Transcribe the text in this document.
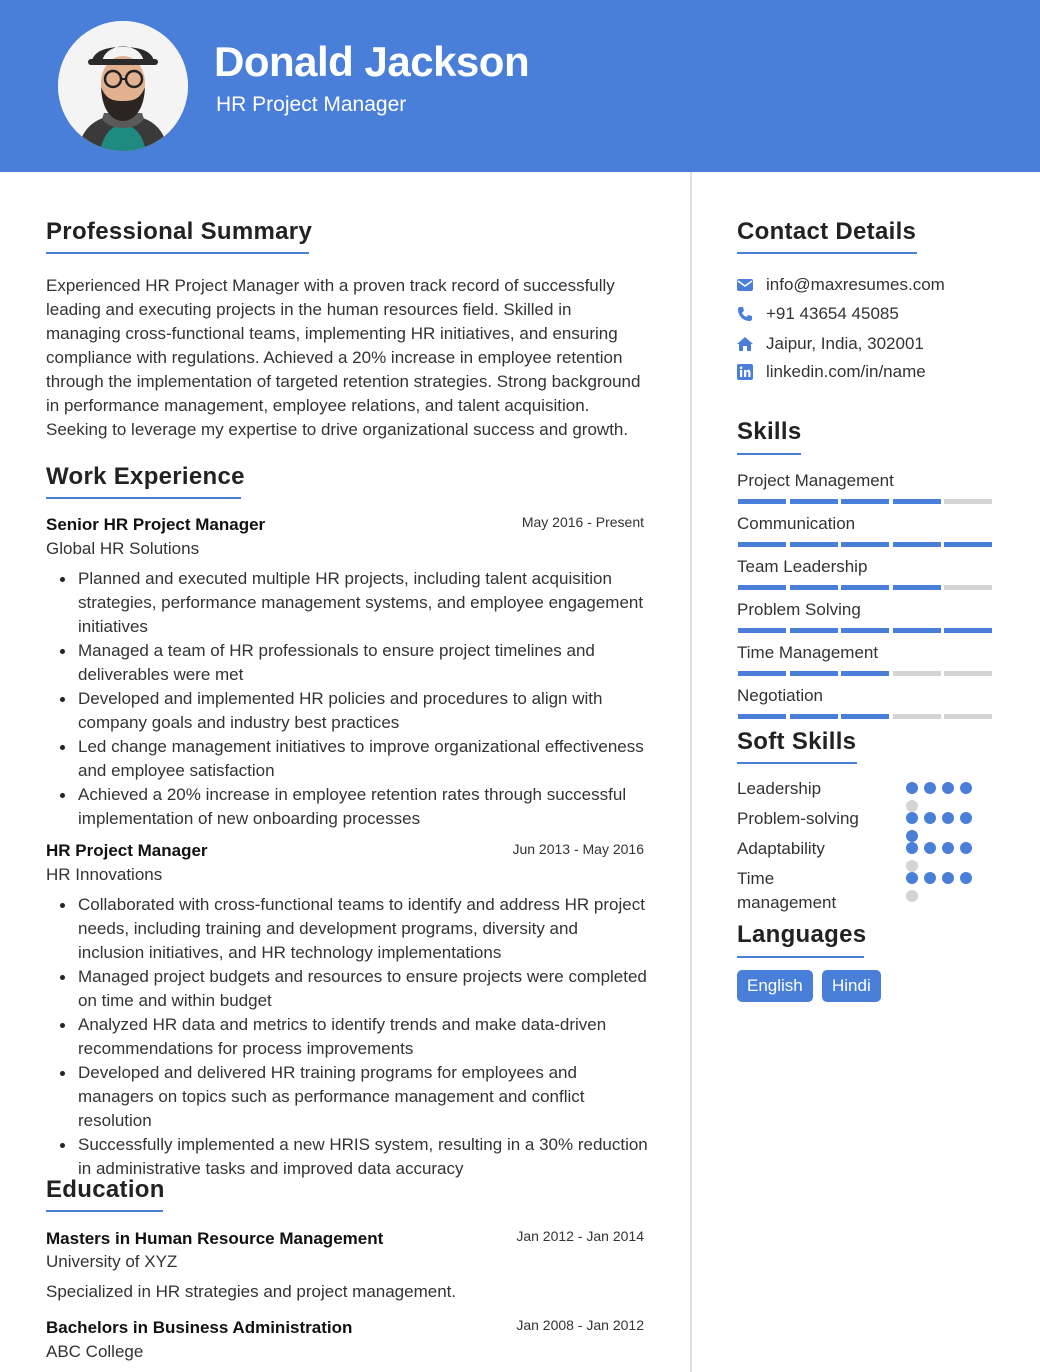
Donald Jackson
HR Project Manager
Professional Summary
Experienced HR Project Manager with a proven track record of successfully leading and executing projects in the human resources field. Skilled in managing cross-functional teams, implementing HR initiatives, and ensuring compliance with regulations. Achieved a 20% increase in employee retention through the implementation of targeted retention strategies. Strong background in performance management, employee relations, and talent acquisition. Seeking to leverage my expertise to drive organizational success and growth.
Work Experience
Senior HR Project Manager	May 2016 - Present
Global HR Solutions
Planned and executed multiple HR projects, including talent acquisition strategies, performance management systems, and employee engagement initiatives
Managed a team of HR professionals to ensure project timelines and deliverables were met
Developed and implemented HR policies and procedures to align with company goals and industry best practices
Led change management initiatives to improve organizational effectiveness and employee satisfaction
Achieved a 20% increase in employee retention rates through successful implementation of new onboarding processes
HR Project Manager	Jun 2013 - May 2016
HR Innovations
Collaborated with cross-functional teams to identify and address HR project needs, including training and development programs, diversity and inclusion initiatives, and HR technology implementations
Managed project budgets and resources to ensure projects were completed on time and within budget
Analyzed HR data and metrics to identify trends and make data-driven recommendations for process improvements
Developed and delivered HR training programs for employees and managers on topics such as performance management and conflict resolution
Successfully implemented a new HRIS system, resulting in a 30% reduction in administrative tasks and improved data accuracy
Education
Masters in Human Resource Management	Jan 2012 - Jan 2014
University of XYZ
Specialized in HR strategies and project management.
Bachelors in Business Administration	Jan 2008 - Jan 2012
ABC College
Contact Details
info@maxresumes.com
+91 43654 45085
Jaipur, India, 302001
linkedin.com/in/name
Skills
Project Management
Communication
Team Leadership
Problem Solving
Time Management
Negotiation
Soft Skills
Leadership
Problem-solving
Adaptability
Time management
Languages
English	Hindi
